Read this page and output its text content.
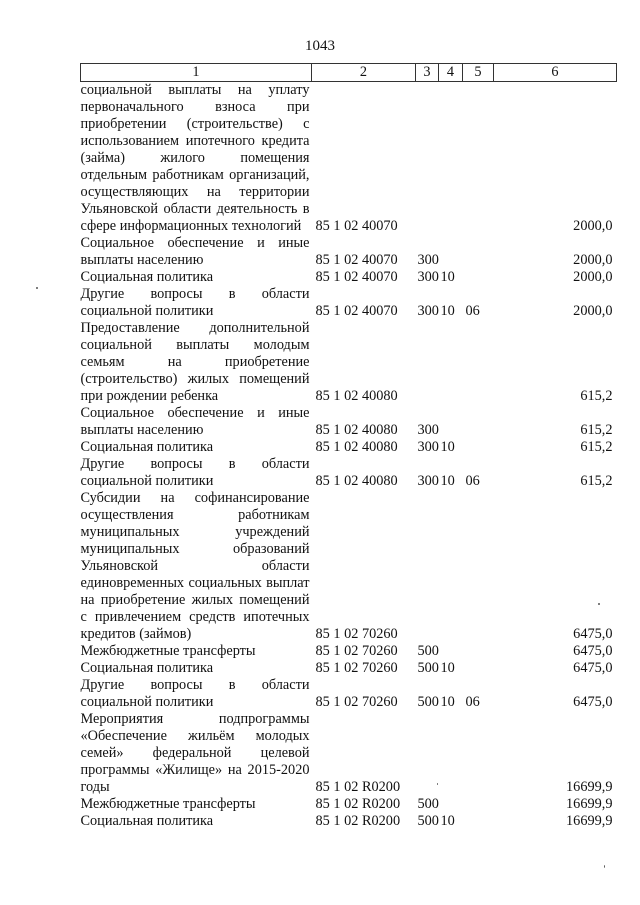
1043
1	2	3	4	5	6
социальной выплаты на уплату первоначального взноса при приобретении (строительстве) с использованием ипотечного кредита (займа) жилого помещения отдельным работникам организаций, осуществляющих на территории Ульяновской области деятельность в сфере информационных технологий	85 1 02 40070				2000,0
Социальное обеспечение и иные выплаты населению	85 1 02 40070	300			2000,0
Социальная политика	85 1 02 40070	300	10		2000,0
Другие вопросы в области социальной политики	85 1 02 40070	300	10	06	2000,0
Предоставление дополнительной социальной выплаты молодым семьям на приобретение (строительство) жилых помещений при рождении ребенка	85 1 02 40080				615,2
Социальное обеспечение и иные выплаты населению	85 1 02 40080	300			615,2
Социальная политика	85 1 02 40080	300	10		615,2
Другие вопросы в области социальной политики	85 1 02 40080	300	10	06	615,2
Субсидии на софинансирование осуществления работникам муниципальных учреждений муниципальных образований Ульяновской области единовременных социальных выплат на приобретение жилых помещений с привлечением средств ипотечных кредитов (займов)	85 1 02 70260				6475,0
Межбюджетные трансферты	85 1 02 70260	500			6475,0
Социальная политика	85 1 02 70260	500	10		6475,0
Другие вопросы в области социальной политики	85 1 02 70260	500	10	06	6475,0
Мероприятия подпрограммы «Обеспечение жильём молодых семей» федеральной целевой программы «Жилище» на 2015-2020 годы	85 1 02 R0200				16699,9
Межбюджетные трансферты	85 1 02 R0200	500			16699,9
Социальная политика	85 1 02 R0200	500	10		16699,9
